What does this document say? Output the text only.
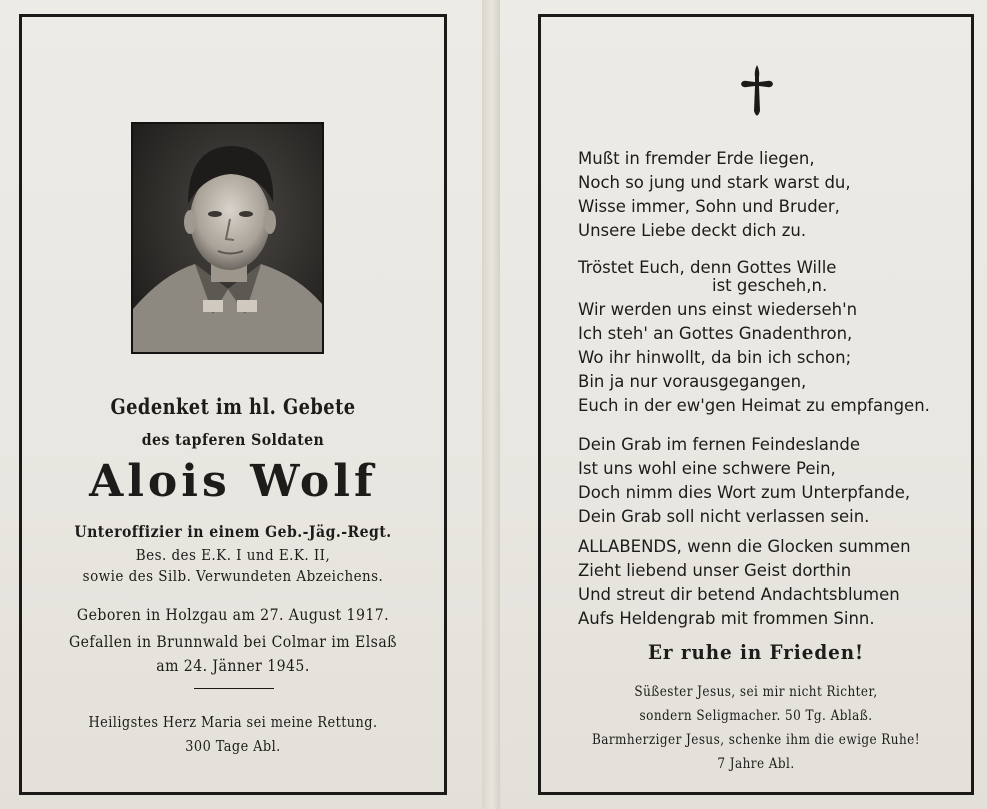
Gedenket im hl. Gebete

des tapferen Soldaten

Alois Wolf

Unteroffizier in einem Geb.-Jäg.-Regt.

Bes. des E.K. I und E.K. II,

sowie des Silb. Verwundeten Abzeichens.

Geboren in Holzgau am 27. August 1917.

Gefallen in Brunnwald bei Colmar im Elsaß

am 24. Jänner 1945.

Heiligstes Herz Maria sei meine Rettung.

300 Tage Abl.

Mußt in fremder Erde liegen,
Noch so jung und stark warst du,
Wisse immer, Sohn und Bruder,
Unsere Liebe deckt dich zu.
Tröstet Euch, denn Gottes Wille
ist gescheh,n.
Wir werden uns einst wiederseh'n
Ich steh' an Gottes Gnadenthron,
Wo ihr hinwollt, da bin ich schon;
Bin ja nur vorausgegangen,
Euch in der ew'gen Heimat zu empfangen.
Dein Grab im fernen Feindeslande
Ist uns wohl eine schwere Pein,
Doch nimm dies Wort zum Unterpfande,
Dein Grab soll nicht verlassen sein.
ALLABENDS, wenn die Glocken summen
Zieht liebend unser Geist dorthin
Und streut dir betend Andachtsblumen
Aufs Heldengrab mit frommen Sinn.

Er ruhe in Frieden!

Süßester Jesus, sei mir nicht Richter,

sondern Seligmacher. 50 Tg. Ablaß.

Barmherziger Jesus, schenke ihm die ewige Ruhe!

7 Jahre Abl.
